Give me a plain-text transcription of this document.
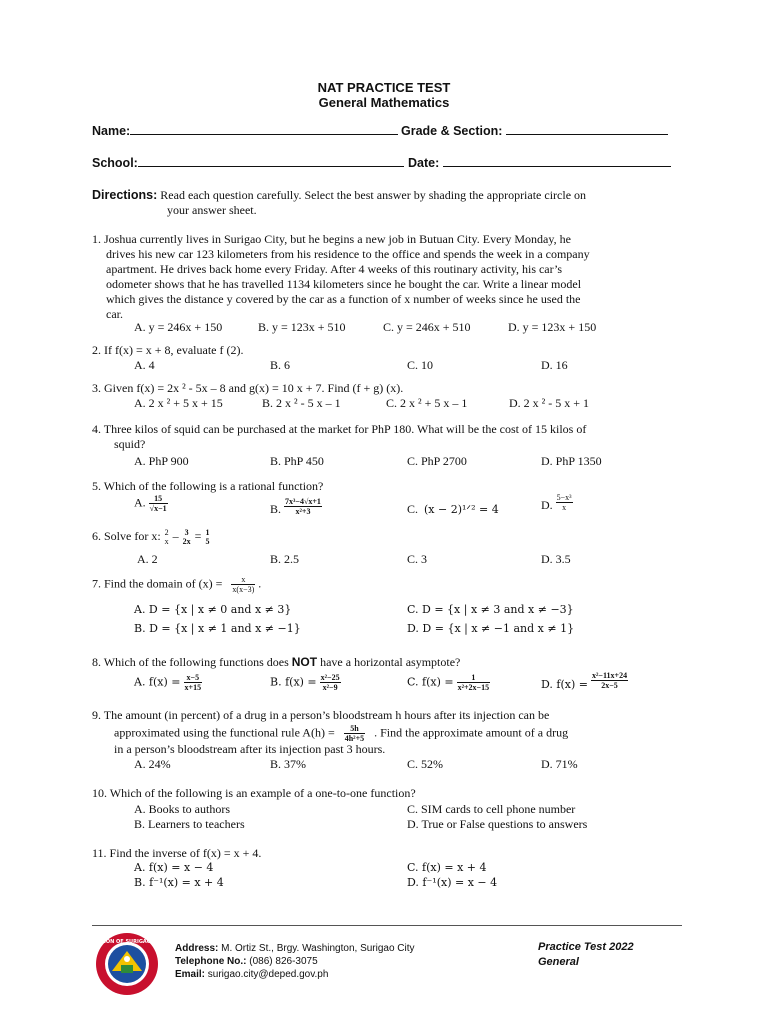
NAT PRACTICE TEST
General Mathematics
Name:	Grade & Section:
School:	Date:
Directions: Read each question carefully. Select the best answer by shading the appropriate circle on
your answer sheet.
1. Joshua currently lives in Surigao City, but he begins a new job in Butuan City. Every Monday, he
drives his new car 123 kilometers from his residence to the office and spends the week in a company
apartment. He drives back home every Friday. After 4 weeks of this routinary activity, his car’s
odometer shows that he has travelled 1134 kilometers since he bought the car. Write a linear model
which gives the distance y covered by the car as a function of x number of weeks since he used the
car.
A. y = 246x + 150	B. y = 123x + 510	C. y = 246x + 510	D. y = 123x + 150
2. If f(x) = x + 8, evaluate f (2).
A. 4	B. 6	C. 10	D. 16
3. Given f(x) = 2x ² - 5x – 8 and g(x) = 10 x + 7. Find (f + g) (x).
A. 2 x ² + 5 x + 15	B. 2 x ² - 5 x – 1	C. 2 x ² + 5 x – 1	D. 2 x ² - 5 x + 1
4. Three kilos of squid can be purchased at the market for PhP 180. What will be the cost of 15 kilos of
squid?
A. PhP 900	B. PhP 450	C. PhP 2700	D. PhP 1350
5. Which of the following is a rational function?
A. $\frac{15}{√x-1}$	B. $\frac{\text{7x³−4√x+1}}{\text{x²+3}}$	C. (x − 2)¹ᐟ² = 4	D. $\frac{\text{5−x³}}{x}$
6. Solve for x: 2
x – 3
2x = 1
5
A. 2	B. 2.5	C. 3	D. 3.5
7. Find the domain of $(x) = \frac{x}{x(x-3)}$ .
A. D = {x | x ≠ 0 and x ≠ 3}	C. D = {x | x ≠ 3 and x ≠ −3}
B. D = {x | x ≠ 1 and x ≠ −1}	D. D = {x | x ≠ −1 and x ≠ 1}
8. Which of the following functions does NOT have a horizontal asymptote?
A. $f(x) = \frac{x-5}{x+15}$	B. $f(x) = \frac{\text{x²−25}}{\text{x²−9}}$	C. $f(x) = \frac{1}{\text{x²+2x−15}}$	D. $f(x) = \frac{\text{x²−11x+24}}{2x-5}$
9. The amount (in percent) of a drug in a person’s bloodstream h hours after its injection can be
approximated using the functional rule $A(h) = \frac{5h}{\text{4h²+5}}$ . Find the approximate amount of a drug
in a person’s bloodstream after its injection past 3 hours.
A. 24%	B. 37%	C. 52%	D. 71%
10. Which of the following is an example of a one-to-one function?
A. Books to authors	C. SIM cards to cell phone number
B. Learners to teachers	D. True or False questions to answers
11. Find the inverse of f(x) = x + 4.
A. f(x) = x − 4	C. f(x) = x + 4
B. f⁻¹(x) = x + 4	D. f⁻¹(x) = x − 4
DIVISION OF SURIGAO CITY
Address: M. Ortiz St., Brgy. Washington, Surigao City
Telephone No.: (086) 826-3075
Email: surigao.city@deped.gov.ph
Practice Test 2022
General
